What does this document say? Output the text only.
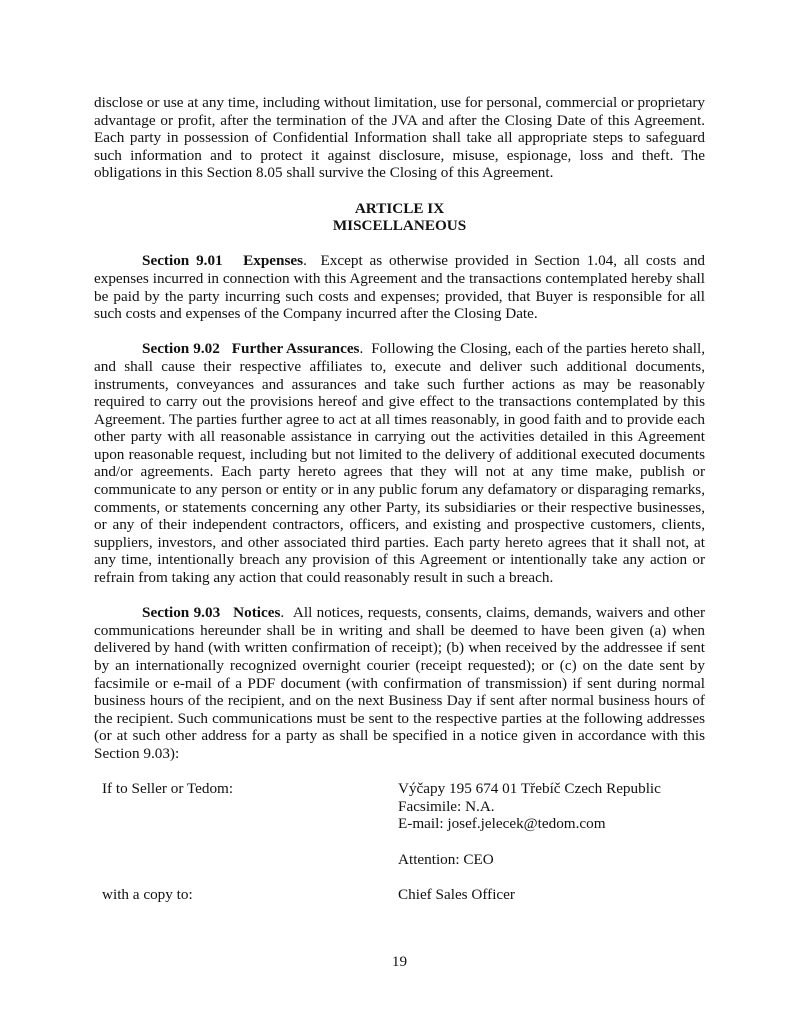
disclose or use at any time, including without limitation, use for personal, commercial or proprietary advantage or profit, after the termination of the JVA and after the Closing Date of this Agreement. Each party in possession of Confidential Information shall take all appropriate steps to safeguard such information and to protect it against disclosure, misuse, espionage, loss and theft. The obligations in this Section 8.05 shall survive the Closing of this Agreement.

ARTICLE IX
MISCELLANEOUS

Section 9.01 Expenses.  Except as otherwise provided in Section 1.04, all costs and expenses incurred in connection with this Agreement and the transactions contemplated hereby shall be paid by the party incurring such costs and expenses; provided, that Buyer is responsible for all such costs and expenses of the Company incurred after the Closing Date.

Section 9.02 Further Assurances.  Following the Closing, each of the parties hereto shall, and shall cause their respective affiliates to, execute and deliver such additional documents, instruments, conveyances and assurances and take such further actions as may be reasonably required to carry out the provisions hereof and give effect to the transactions contemplated by this Agreement. The parties further agree to act at all times reasonably, in good faith and to provide each other party with all reasonable assistance in carrying out the activities detailed in this Agreement upon reasonable request, including but not limited to the delivery of additional executed documents and/or agreements. Each party hereto agrees that they will not at any time make, publish or communicate to any person or entity or in any public forum any defamatory or disparaging remarks, comments, or statements concerning any other Party, its subsidiaries or their respective businesses, or any of their independent contractors, officers, and existing and prospective customers, clients, suppliers, investors, and other associated third parties. Each party hereto agrees that it shall not, at any time, intentionally breach any provision of this Agreement or intentionally take any action or refrain from taking any action that could reasonably result in such a breach.

Section 9.03 Notices.  All notices, requests, consents, claims, demands, waivers and other communications hereunder shall be in writing and shall be deemed to have been given (a) when delivered by hand (with written confirmation of receipt); (b) when received by the addressee if sent by an internationally recognized overnight courier (receipt requested); or (c) on the date sent by facsimile or e-mail of a PDF document (with confirmation of transmission) if sent during normal business hours of the recipient, and on the next Business Day if sent after normal business hours of the recipient. Such communications must be sent to the respective parties at the following addresses (or at such other address for a party as shall be specified in a notice given in accordance with this Section 9.03):

If to Seller or Tedom:	Výčapy 195 674 01 Třebíč Czech Republic
Facsimile: N.A.
E-mail: josef.jelecek@tedom.com
Attention: CEO
with a copy to:	Chief Sales Officer
19
